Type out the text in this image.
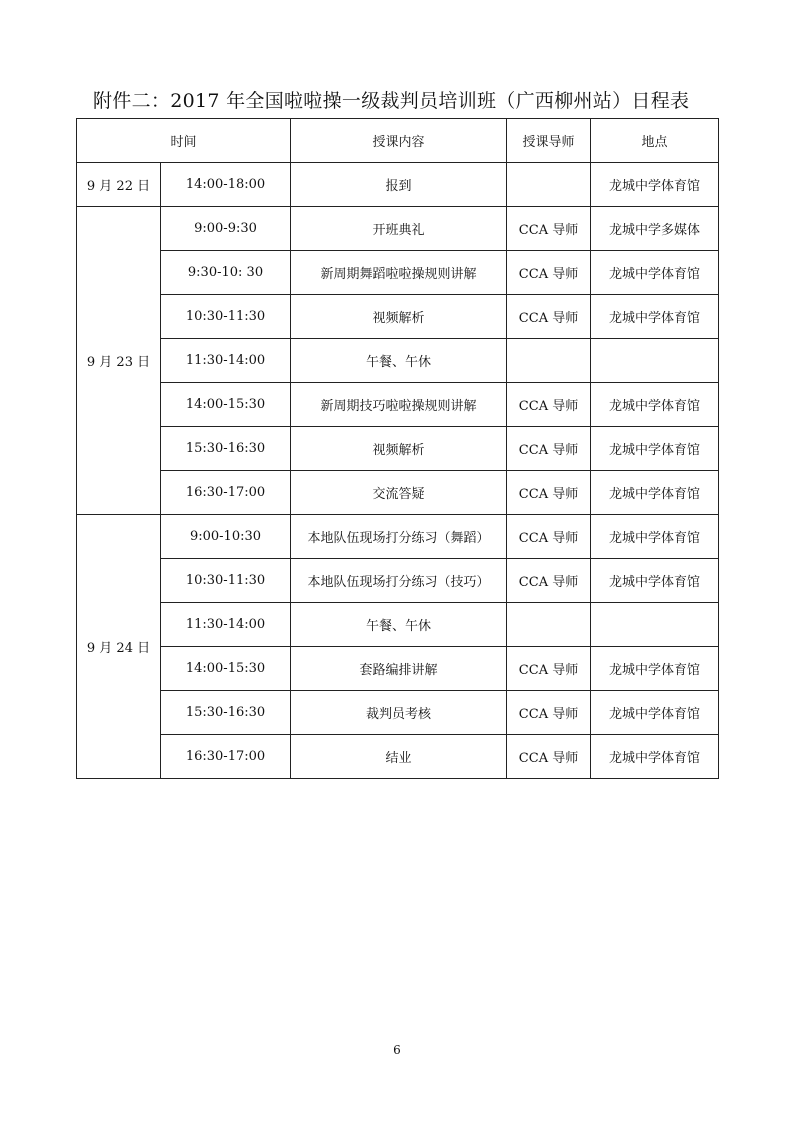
附件二：2017 年全国啦啦操一级裁判员培训班（广西柳州站）日程表
时间		授课内容	授课导师	地点
9 月 22 日	14:00-18:00	报到		龙城中学体育馆
9 月 23 日	9:00-9:30	开班典礼	CCA 导师	龙城中学多媒体
	9:30-10: 30	新周期舞蹈啦啦操规则讲解	CCA 导师	龙城中学体育馆
	10:30-11:30	视频解析	CCA 导师	龙城中学体育馆
	11:30-14:00	午餐、午休		
	14:00-15:30	新周期技巧啦啦操规则讲解	CCA 导师	龙城中学体育馆
	15:30-16:30	视频解析	CCA 导师	龙城中学体育馆
	16:30-17:00	交流答疑	CCA 导师	龙城中学体育馆
9 月 24 日	9:00-10:30	本地队伍现场打分练习（舞蹈）	CCA 导师	龙城中学体育馆
	10:30-11:30	本地队伍现场打分练习（技巧）	CCA 导师	龙城中学体育馆
	11:30-14:00	午餐、午休		
	14:00-15:30	套路编排讲解	CCA 导师	龙城中学体育馆
	15:30-16:30	裁判员考核	CCA 导师	龙城中学体育馆
	16:30-17:00	结业	CCA 导师	龙城中学体育馆
6
